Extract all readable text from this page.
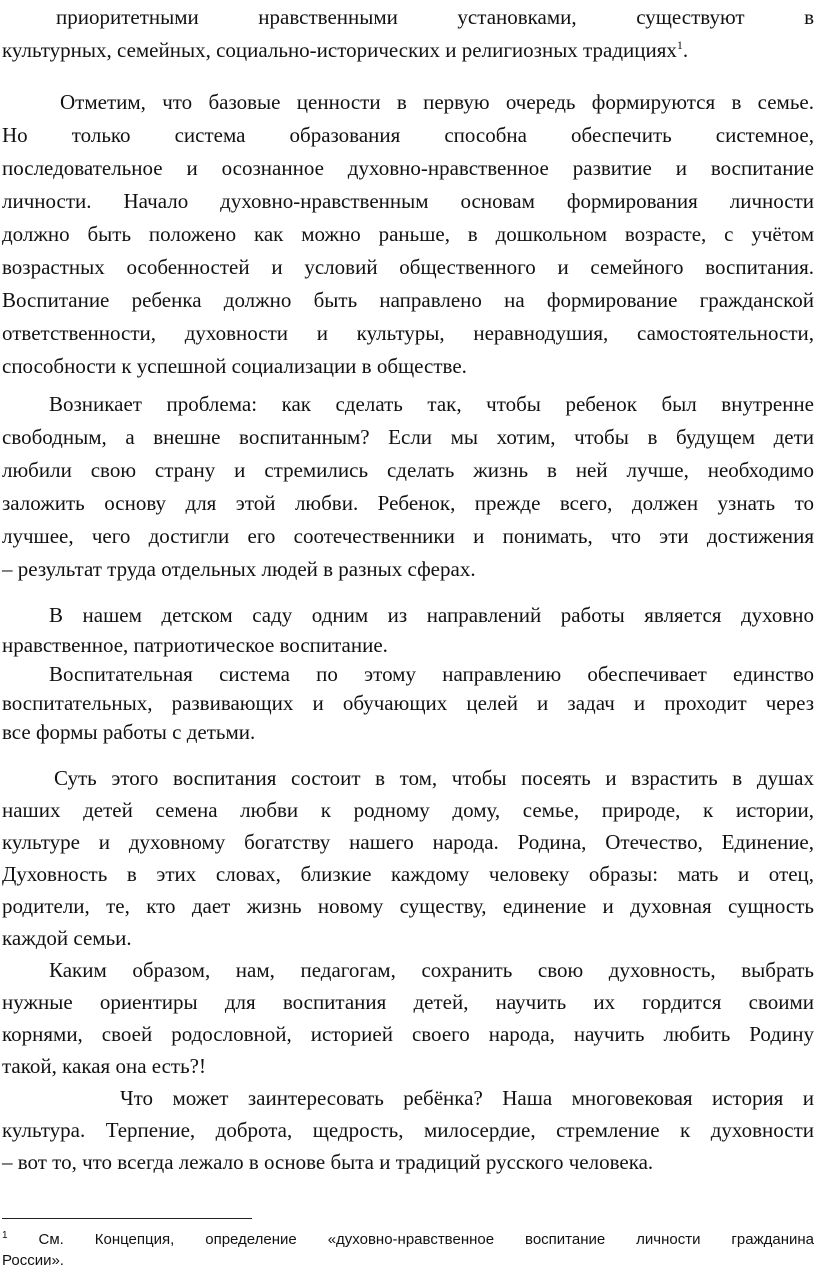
приоритетными нравственными установками, существуют в
культурных, семейных, социально-исторических и религиозных традициях$^1$.
Отметим, что базовые ценности в первую очередь формируются в семье.
Но только система образования способна обеспечить системное,
последовательное и осознанное духовно-нравственное развитие и воспитание
личности. Начало духовно-нравственным основам формирования личности
должно быть положено как можно раньше, в дошкольном возрасте, с учётом
возрастных особенностей и условий общественного и семейного воспитания.
Воспитание ребенка должно быть направлено на формирование гражданской
ответственности, духовности и культуры, неравнодушия, самостоятельности,
способности к успешной социализации в обществе.
Возникает проблема: как сделать так, чтобы ребенок был внутренне
свободным, а внешне воспитанным? Если мы хотим, чтобы в будущем дети
любили свою страну и стремились сделать жизнь в ней лучше, необходимо
заложить основу для этой любви. Ребенок, прежде всего, должен узнать то
лучшее, чего достигли его соотечественники и понимать, что эти достижения
– результат труда отдельных людей в разных сферах.
В нашем детском саду одним из направлений работы является духовно
нравственное, патриотическое воспитание.
Воспитательная система по этому направлению обеспечивает единство
воспитательных, развивающих и обучающих целей и задач и проходит через
все формы работы с детьми.
Суть этого воспитания состоит в том, чтобы посеять и взрастить в душах
наших детей семена любви к родному дому, семье, природе, к истории,
культуре и духовному богатству нашего народа. Родина, Отечество, Единение,
Духовность в этих словах, близкие каждому человеку образы: мать и отец,
родители, те, кто дает жизнь новому существу, единение и духовная сущность
каждой семьи.
Каким образом, нам, педагогам, сохранить свою духовность, выбрать
нужные ориентиры для воспитания детей, научить их гордится своими
корнями, своей родословной, историей своего народа, научить любить Родину
такой, какая она есть?!
Что может заинтересовать ребёнка? Наша многовековая история и
культура. Терпение, доброта, щедрость, милосердие, стремление к духовности
– вот то, что всегда лежало в основе быта и традиций русского человека.
$^1$ См. Концепция, определение «духовно-нравственное воспитание личности гражданина
России».
